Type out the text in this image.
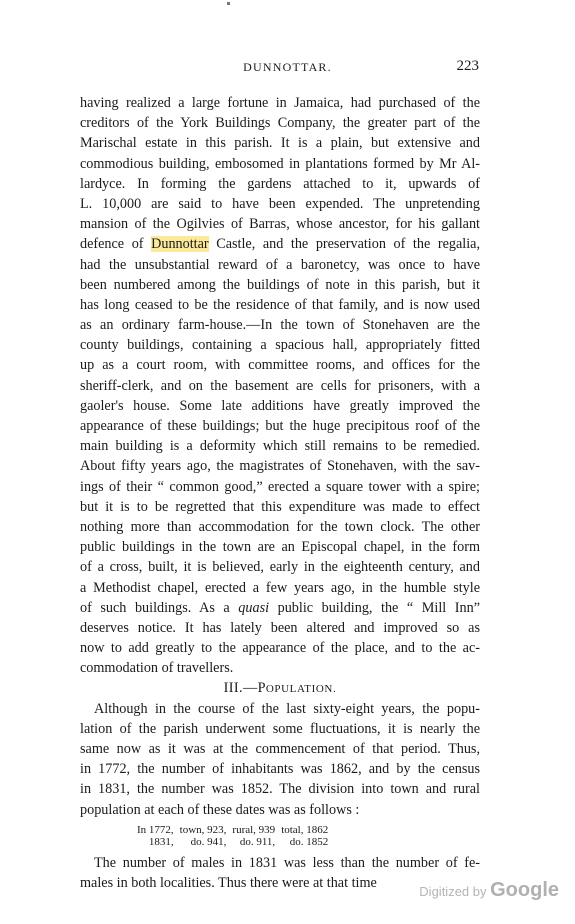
DUNNOTTAR.	223
having realized a large fortune in Jamaica, had purchased of the
creditors of the York Buildings Company, the greater part of the
Marischal estate in this parish. It is a plain, but extensive and
commodious building, embosomed in plantations formed by Mr Al-
lardyce. In forming the gardens attached to it, upwards of
L. 10,000 are said to have been expended. The unpretending
mansion of the Ogilvies of Barras, whose ancestor, for his gallant
defence of Dunnottar Castle, and the preservation of the regalia,
had the unsubstantial reward of a baronetcy, was once to have
been numbered among the buildings of note in this parish, but it
has long ceased to be the residence of that family, and is now used
as an ordinary farm-house.—In the town of Stonehaven are the
county buildings, containing a spacious hall, appropriately fitted
up as a court room, with committee rooms, and offices for the
sheriff-clerk, and on the basement are cells for prisoners, with a
gaoler's house. Some late additions have greatly improved the
appearance of these buildings; but the huge precipitous roof of the
main building is a deformity which still remains to be remedied.
About fifty years ago, the magistrates of Stonehaven, with the sav-
ings of their “ common good,” erected a square tower with a spire;
but it is to be regretted that this expenditure was made to effect
nothing more than accommodation for the town clock. The other
public buildings in the town are an Episcopal chapel, in the form
of a cross, built, it is believed, early in the eighteenth century, and
a Methodist chapel, erected a few years ago, in the humble style
of such buildings. As a quasi public building, the “ Mill Inn”
deserves notice. It has lately been altered and improved so as
now to add greatly to the appearance of the place, and to the ac-
commodation of travellers.
III.—POPULATION.
Although in the course of the last sixty-eight years, the popu-
lation of the parish underwent some fluctuations, it is nearly the
same now as it was at the commencement of that period. Thus,
in 1772, the number of inhabitants was 1862, and by the census
in 1831, the number was 1852. The division into town and rural
population at each of these dates was as follows :
In 1772,	town, 923,	rural, 939	total, 1862
1831,	do. 941,	do. 911,	do. 1852
The number of males in 1831 was less than the number of fe-
males in both localities. Thus there were at that time
Digitized by Google
